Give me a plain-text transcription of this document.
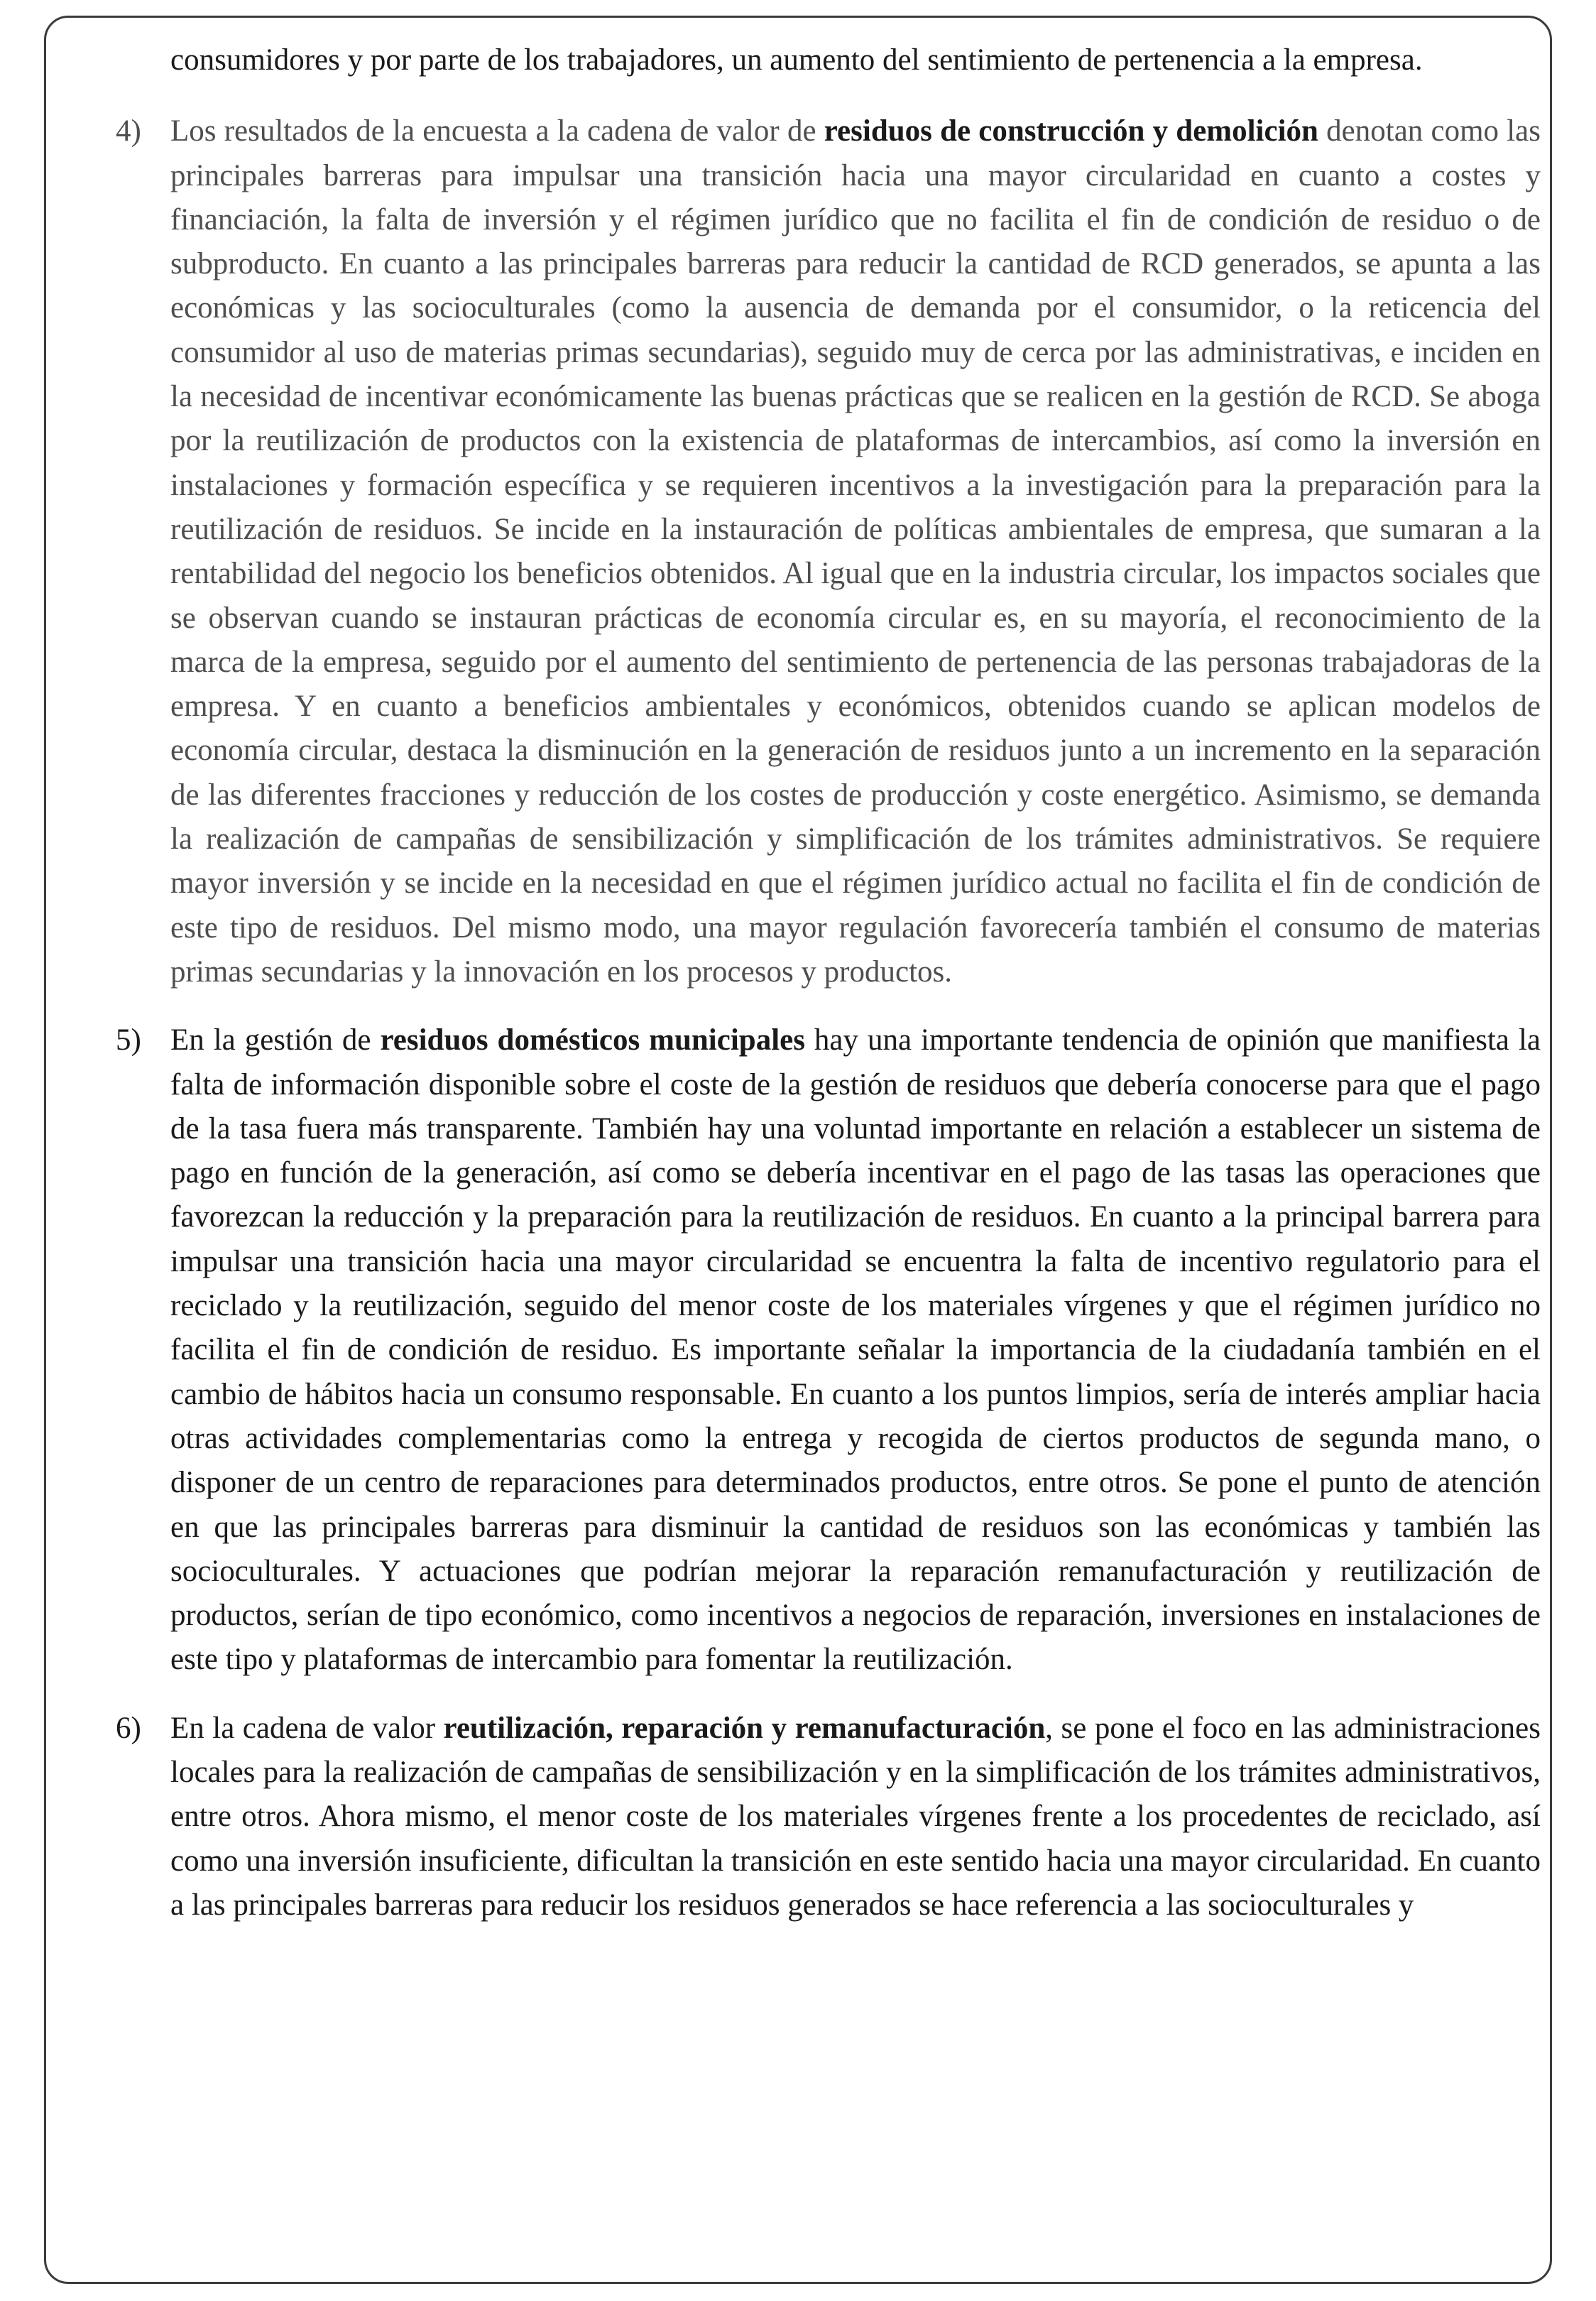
consumidores y por parte de los trabajadores, un aumento del sentimiento de pertenencia a la empresa.

4) Los resultados de la encuesta a la cadena de valor de residuos de construcción y demolición denotan como las principales barreras para impulsar una transición hacia una mayor circularidad en cuanto a costes y financiación, la falta de inversión y el régimen jurídico que no facilita el fin de condición de residuo o de subproducto. En cuanto a las principales barreras para reducir la cantidad de RCD generados, se apunta a las económicas y las socioculturales (como la ausencia de demanda por el consumidor, o la reticencia del consumidor al uso de materias primas secundarias), seguido muy de cerca por las administrativas, e inciden en la necesidad de incentivar económicamente las buenas prácticas que se realicen en la gestión de RCD. Se aboga por la reutilización de productos con la existencia de plataformas de intercambios, así como la inversión en instalaciones y formación específica y se requieren incentivos a la investigación para la preparación para la reutilización de residuos. Se incide en la instauración de políticas ambientales de empresa, que sumaran a la rentabilidad del negocio los beneficios obtenidos. Al igual que en la industria circular, los impactos sociales que se observan cuando se instauran prácticas de economía circular es, en su mayoría, el reconocimiento de la marca de la empresa, seguido por el aumento del sentimiento de pertenencia de las personas trabajadoras de la empresa. Y en cuanto a beneficios ambientales y económicos, obtenidos cuando se aplican modelos de economía circular, destaca la disminución en la generación de residuos junto a un incremento en la separación de las diferentes fracciones y reducción de los costes de producción y coste energético. Asimismo, se demanda la realización de campañas de sensibilización y simplificación de los trámites administrativos. Se requiere mayor inversión y se incide en la necesidad en que el régimen jurídico actual no facilita el fin de condición de este tipo de residuos. Del mismo modo, una mayor regulación favorecería también el consumo de materias primas secundarias y la innovación en los procesos y productos.

5) En la gestión de residuos domésticos municipales hay una importante tendencia de opinión que manifiesta la falta de información disponible sobre el coste de la gestión de residuos que debería conocerse para que el pago de la tasa fuera más transparente. También hay una voluntad importante en relación a establecer un sistema de pago en función de la generación, así como se debería incentivar en el pago de las tasas las operaciones que favorezcan la reducción y la preparación para la reutilización de residuos. En cuanto a la principal barrera para impulsar una transición hacia una mayor circularidad se encuentra la falta de incentivo regulatorio para el reciclado y la reutilización, seguido del menor coste de los materiales vírgenes y que el régimen jurídico no facilita el fin de condición de residuo. Es importante señalar la importancia de la ciudadanía también en el cambio de hábitos hacia un consumo responsable. En cuanto a los puntos limpios, sería de interés ampliar hacia otras actividades complementarias como la entrega y recogida de ciertos productos de segunda mano, o disponer de un centro de reparaciones para determinados productos, entre otros. Se pone el punto de atención en que las principales barreras para disminuir la cantidad de residuos son las económicas y también las socioculturales. Y actuaciones que podrían mejorar la reparación remanufacturación y reutilización de productos, serían de tipo económico, como incentivos a negocios de reparación, inversiones en instalaciones de este tipo y plataformas de intercambio para fomentar la reutilización.

6) En la cadena de valor reutilización, reparación y remanufacturación, se pone el foco en las administraciones locales para la realización de campañas de sensibilización y en la simplificación de los trámites administrativos, entre otros. Ahora mismo, el menor coste de los materiales vírgenes frente a los procedentes de reciclado, así como una inversión insuficiente, dificultan la transición en este sentido hacia una mayor circularidad. En cuanto a las principales barreras para reducir los residuos generados se hace referencia a las socioculturales y
